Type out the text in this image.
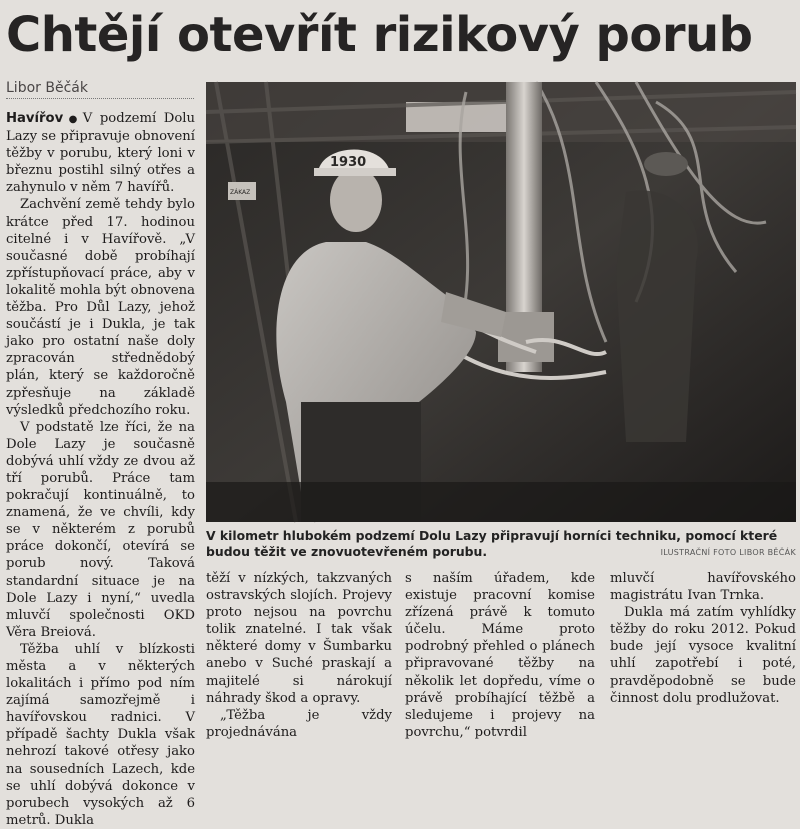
Chtějí otevřít rizikový porub
Libor Běčák

Havířov ● V podzemí Dolu Lazy se připravuje obnovení těžby v porubu, který loni v březnu postihl silný otřes a zahynulo v něm 7 havířů.

Zachvění země tehdy bylo krátce před 17. hodinou citelné i v Havířově. „V současné době probíhají zpřístupňovací práce, aby v lokalitě mohla být obnovena těžba. Pro Důl Lazy, jehož součástí je i Dukla, je tak jako pro ostatní naše doly zpracován střednědobý plán, který se každoročně zpřesňuje na základě výsledků předchozího roku.

V podstatě lze říci, že na Dole Lazy je současně dobývá uhlí vždy ze dvou až tří porubů. Práce tam pokračují kontinuálně, to znamená, že ve chvíli, kdy se v některém z porubů práce dokončí, otevírá se porub nový. Taková standardní situace je na Dole Lazy i nyní,“ uvedla mluvčí společnosti OKD Věra Breiová.

Těžba uhlí v blízkosti města a v některých lokalitách i přímo pod ním zajímá samozřejmě i havířovskou radnici. V případě šachty Dukla však nehrozí takové otřesy jako na sousedních Lazech, kde se uhlí dobývá dokonce v porubech vysokých až 6 metrů. Dukla

1930
ZÁKAZ
V kilometr hlubokém podzemí Dolu Lazy připravují horníci techniku, pomocí které budou těžit ve znovuotevřeném porubu.	ILUSTRAČNÍ FOTO LIBOR BĚČÁK

těží v nízkých, takzvaných ostravských slojích. Projevy proto nejsou na povrchu tolik znatelné. I tak však některé domy v Šumbarku anebo v Suché praskají a majitelé si nárokují náhrady škod a opravy.

„Těžba je vždy projednávána

s naším úřadem, kde existuje pracovní komise zřízená právě k tomuto účelu. Máme proto podrobný přehled o plánech připravované těžby na několik let dopředu, víme o právě probíhající těžbě a sledujeme i projevy na povrchu,“ potvrdil

mluvčí havířovského magistrátu Ivan Trnka.

Dukla má zatím vyhlídky těžby do roku 2012. Pokud bude její vysoce kvalitní uhlí zapotřebí i poté, pravděpodobně se bude činnost dolu prodlužovat.
